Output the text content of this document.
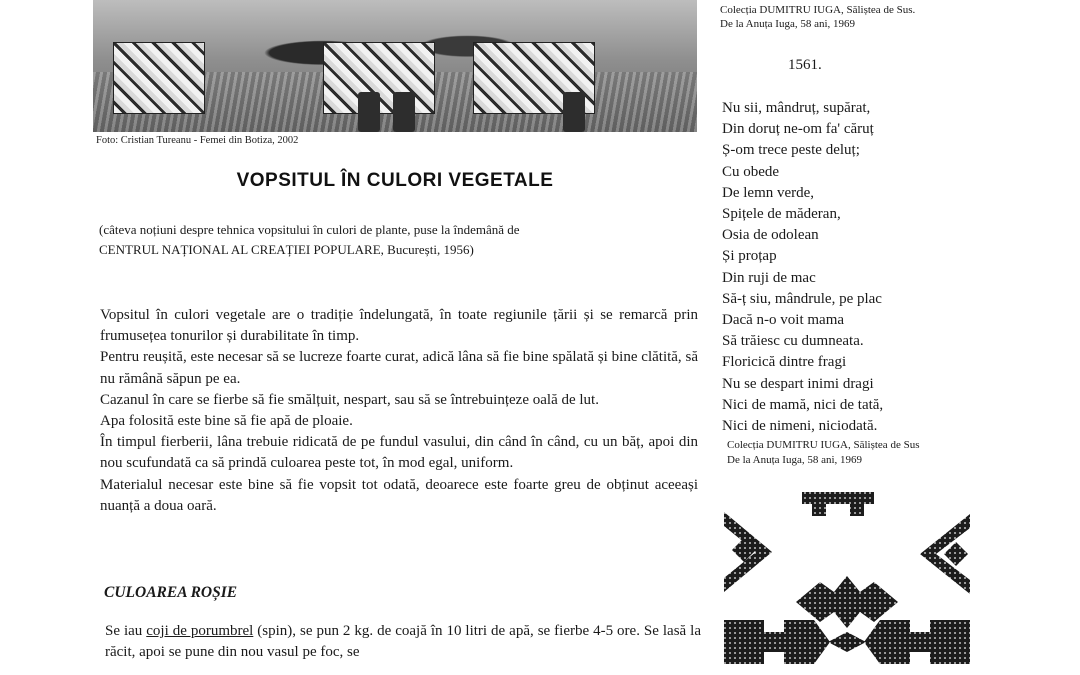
Foto: Cristian Tureanu - Femei din Botiza, 2002
VOPSITUL ÎN CULORI VEGETALE
(câteva noțiuni despre tehnica vopsitului în culori de plante, puse la îndemână de
CENTRUL NAȚIONAL AL CREAȚIEI POPULARE, București, 1956)

Vopsitul în culori vegetale are o tradiție îndelungată, în toate regiunile țării și se remarcă prin frumusețea tonurilor și durabilitate în timp.

Pentru reușită, este necesar să se lucreze foarte curat, adică lâna să fie bine spălată și bine clătită, să nu rămână săpun pe ea.

Cazanul în care se fierbe să fie smălțuit, nespart, sau să se întrebuințeze oală de lut.

Apa folosită este bine să fie apă de ploaie.

În timpul fierberii, lâna trebuie ridicată de pe fundul vasului, din când în când, cu un băț, apoi din nou scufundată ca să prindă culoarea peste tot, în mod egal, uniform.

Materialul necesar este bine să fie vopsit tot odată, deoarece este foarte greu de obținut aceeași nuanță a doua oară.

CULOAREA ROȘIE

Se iau coji de porumbrel (spin), se pun 2 kg. de coajă în 10 litri de apă, se fierbe 4-5 ore. Se lasă la răcit, apoi se pune din nou vasul pe foc, se

Colecția DUMITRU IUGA, Săliștea de Sus.
De la Anuța Iuga, 58 ani, 1969
1561.
Nu sii, mândruț, supărat,
Din doruț ne-om fa' căruț
Ș-om trece peste deluț;
Cu obede
De lemn verde,
Spițele de măderan,
Osia de odolean
Și proțap
Din ruji de mac
Să-ț siu, mândrule, pe plac
Dacă n-o voit mama
Să trăiesc cu dumneata.
Floricică dintre fragi
Nu se despart inimi dragi
Nici de mamă, nici de tată,
Nici de nimeni, niciodată.
Colecția DUMITRU IUGA, Săliștea de Sus
De la Anuța Iuga, 58 ani, 1969
